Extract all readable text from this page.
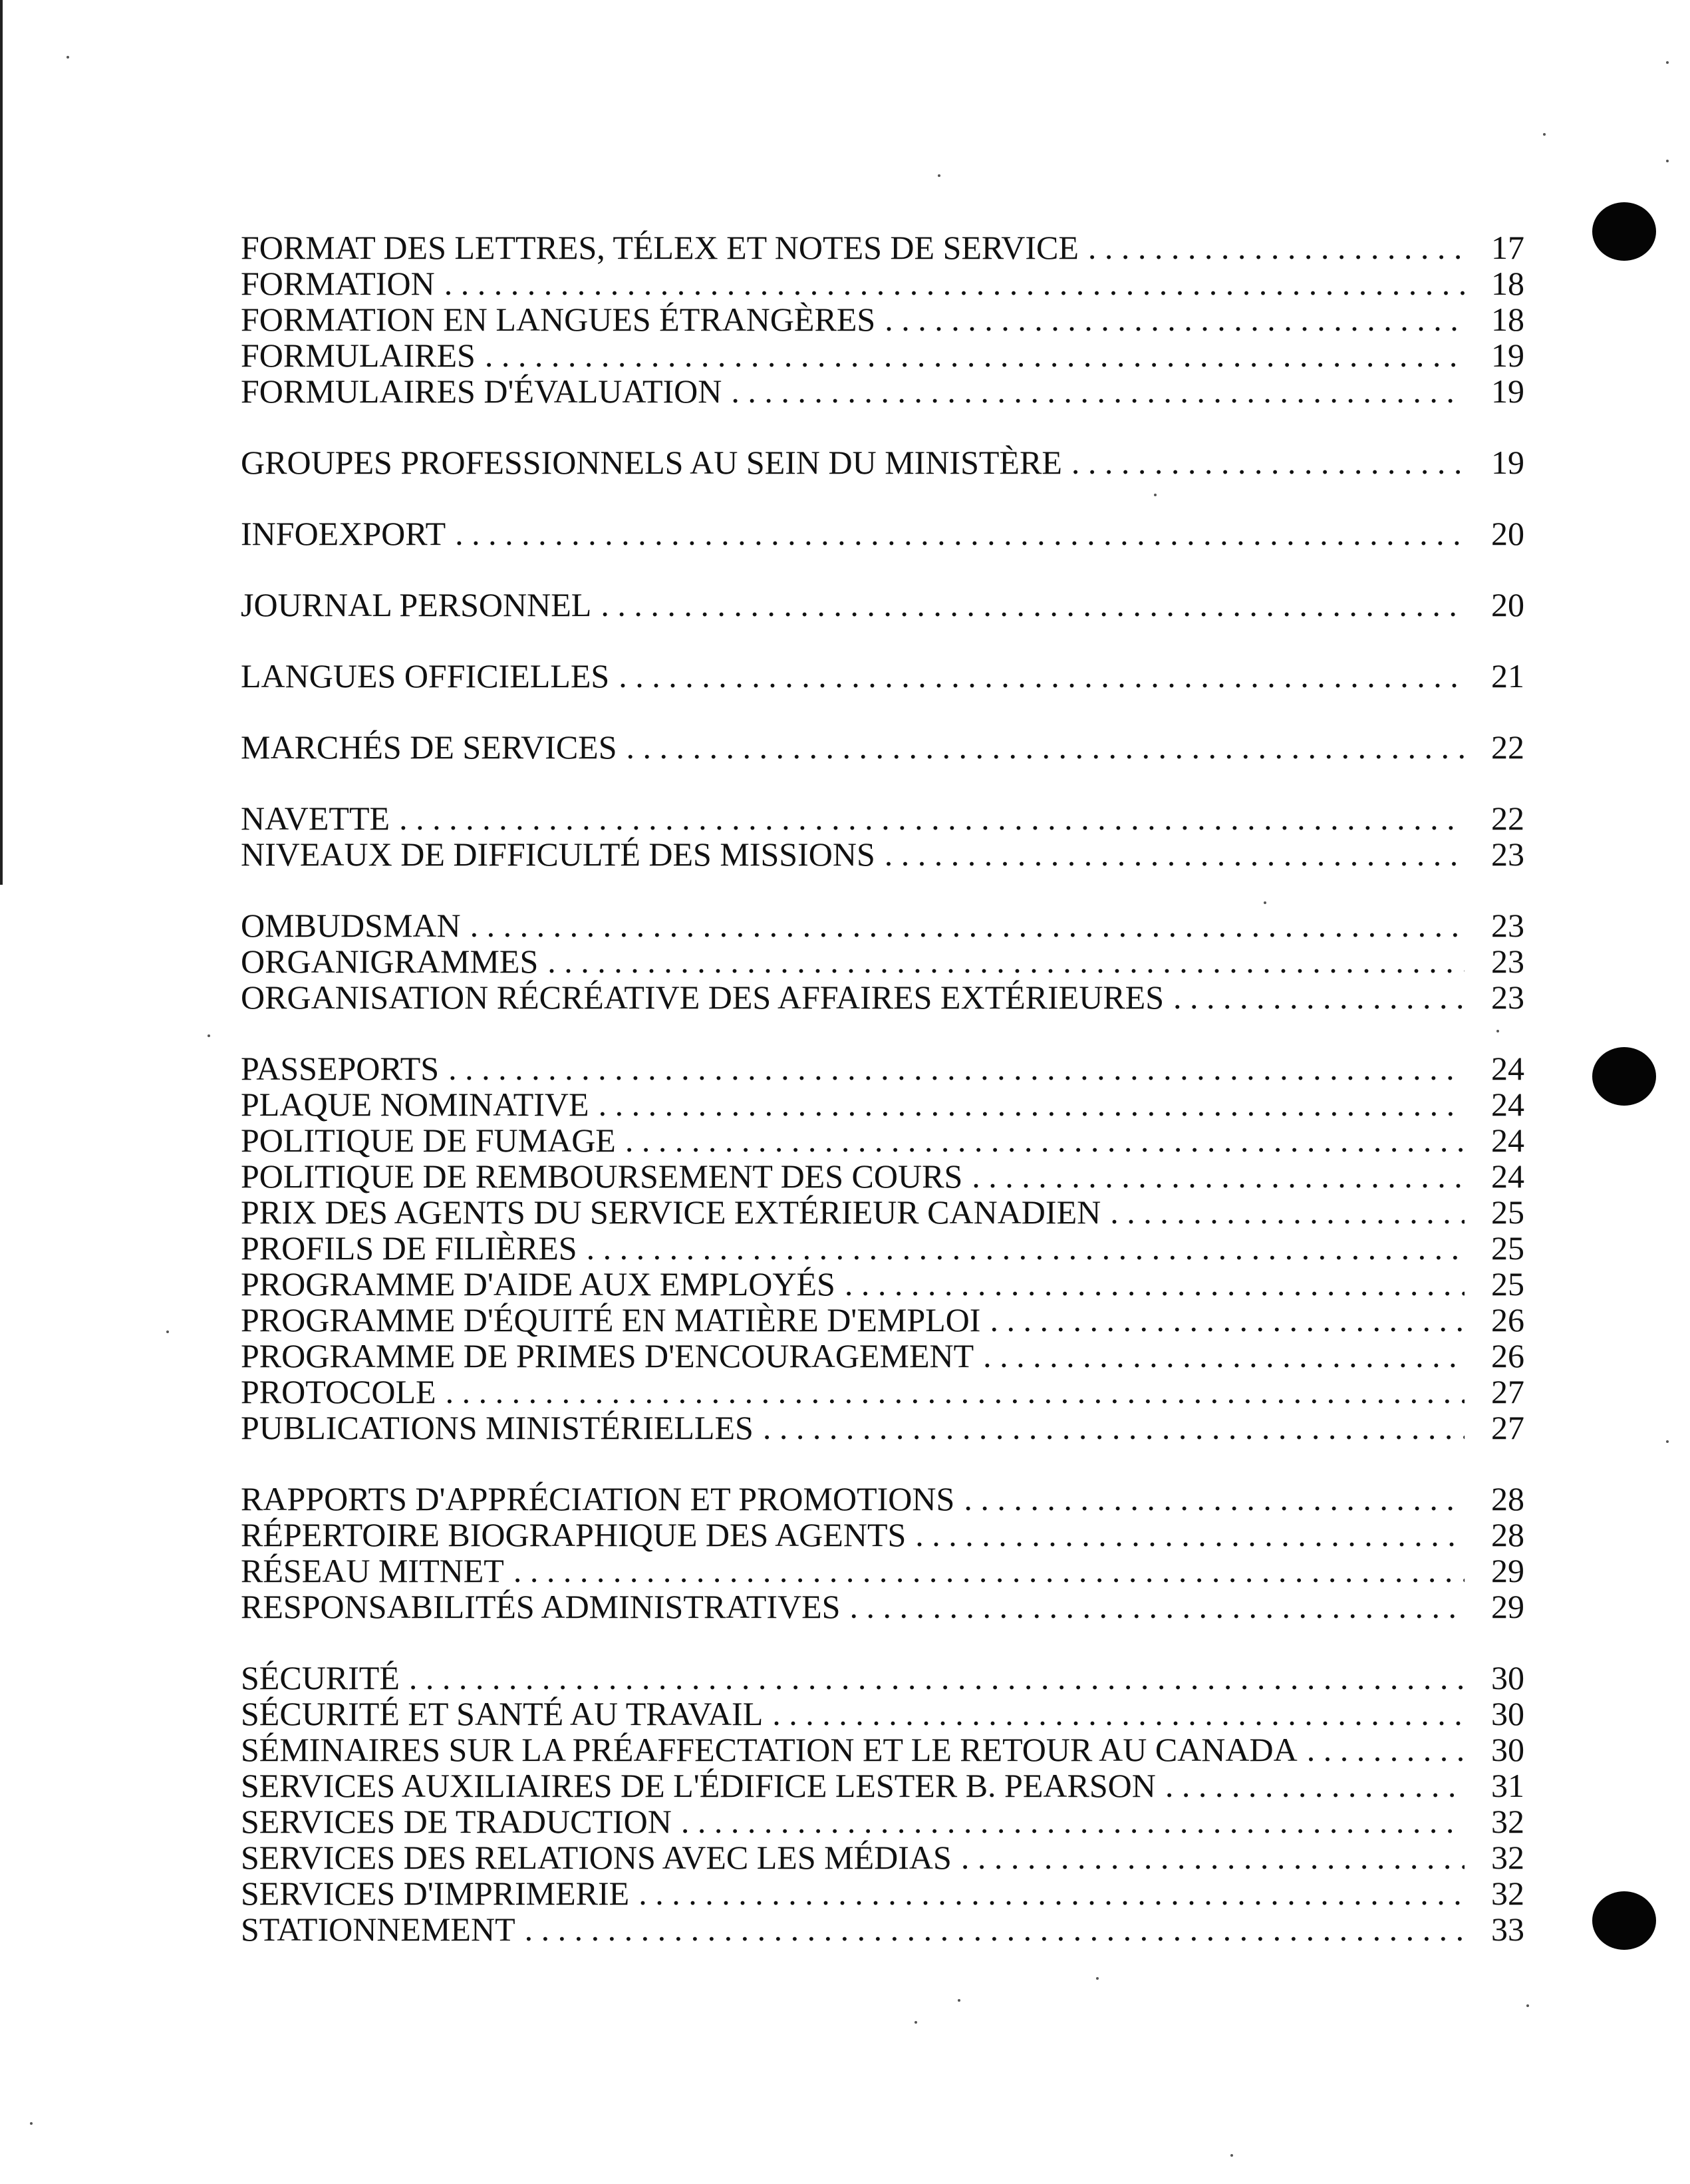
FORMAT DES LETTRES, TÉLEX ET NOTES DE SERVICE . . .	17
FORMATION . . .	18
FORMATION EN LANGUES ÉTRANGÈRES . . .	18
FORMULAIRES . . .	19
FORMULAIRES D'ÉVALUATION . . .	19
GROUPES PROFESSIONNELS AU SEIN DU MINISTÈRE . . .	19
INFOEXPORT . . .	20
JOURNAL PERSONNEL . . .	20
LANGUES OFFICIELLES . . .	21
MARCHÉS DE SERVICES . . .	22
NAVETTE . . .	22
NIVEAUX DE DIFFICULTÉ DES MISSIONS . . .	23
OMBUDSMAN . . .	23
ORGANIGRAMMES . . .	23
ORGANISATION RÉCRÉATIVE DES AFFAIRES EXTÉRIEURES . . .	23
PASSEPORTS . . .	24
PLAQUE NOMINATIVE . . .	24
POLITIQUE DE FUMAGE . . .	24
POLITIQUE DE REMBOURSEMENT DES COURS . . .	24
PRIX DES AGENTS DU SERVICE EXTÉRIEUR CANADIEN . . .	25
PROFILS DE FILIÈRES . . .	25
PROGRAMME D'AIDE AUX EMPLOYÉS . . .	25
PROGRAMME D'ÉQUITÉ EN MATIÈRE D'EMPLOI . . .	26
PROGRAMME DE PRIMES D'ENCOURAGEMENT . . .	26
PROTOCOLE . . .	27
PUBLICATIONS MINISTÉRIELLES . . .	27
RAPPORTS D'APPRÉCIATION ET PROMOTIONS . . .	28
RÉPERTOIRE BIOGRAPHIQUE DES AGENTS . . .	28
RÉSEAU MITNET . . .	29
RESPONSABILITÉS ADMINISTRATIVES . . .	29
SÉCURITÉ . . .	30
SÉCURITÉ ET SANTÉ AU TRAVAIL . . .	30
SÉMINAIRES SUR LA PRÉAFFECTATION ET LE RETOUR AU CANADA . . .	30
SERVICES AUXILIAIRES DE L'ÉDIFICE LESTER B. PEARSON . . .	31
SERVICES DE TRADUCTION . . .	32
SERVICES DES RELATIONS AVEC LES MÉDIAS . . .	32
SERVICES D'IMPRIMERIE . . .	32
STATIONNEMENT . . .	33
